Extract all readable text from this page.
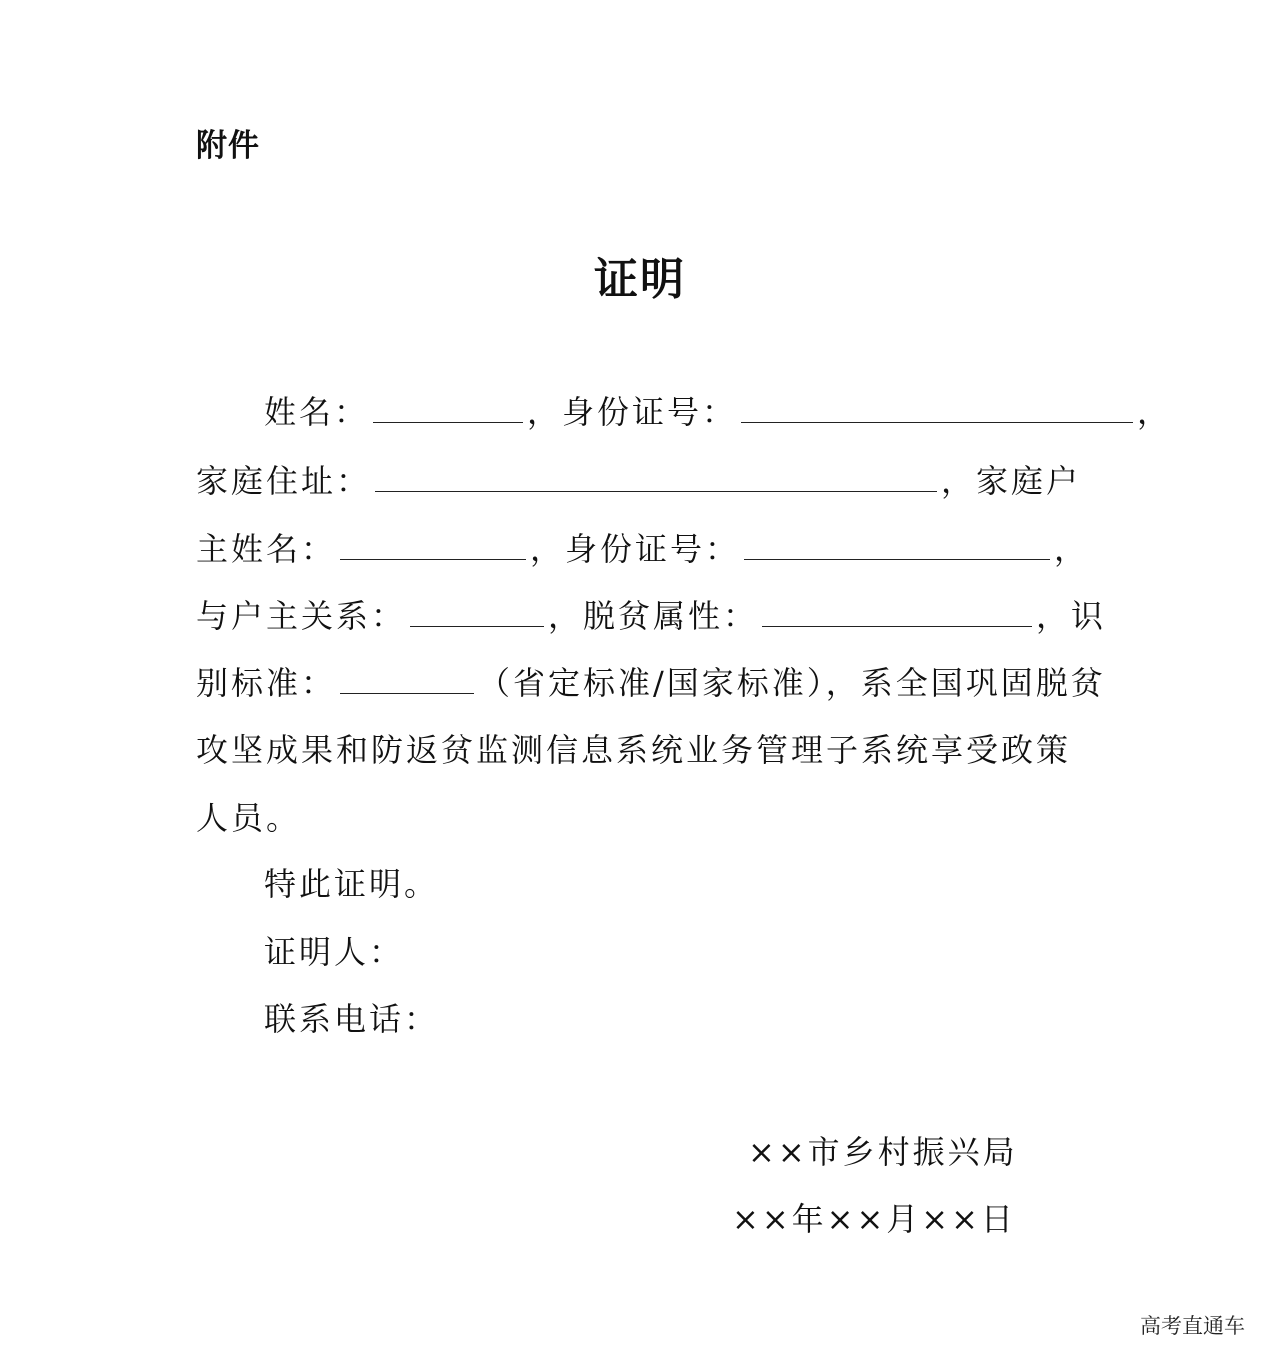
附件
证明
姓名：	，身份证号：	，
家庭住址：	，家庭户
主姓名：	，身份证号：	，
与户主关系：	，脱贫属性：	，识
别标准：	（省定标准/国家标准），系全国巩固脱贫
攻坚成果和防返贫监测信息系统业务管理子系统享受政策
人员。
特此证明。
证明人：
联系电话：
××市乡村振兴局
××年××月××日
高考直通车
